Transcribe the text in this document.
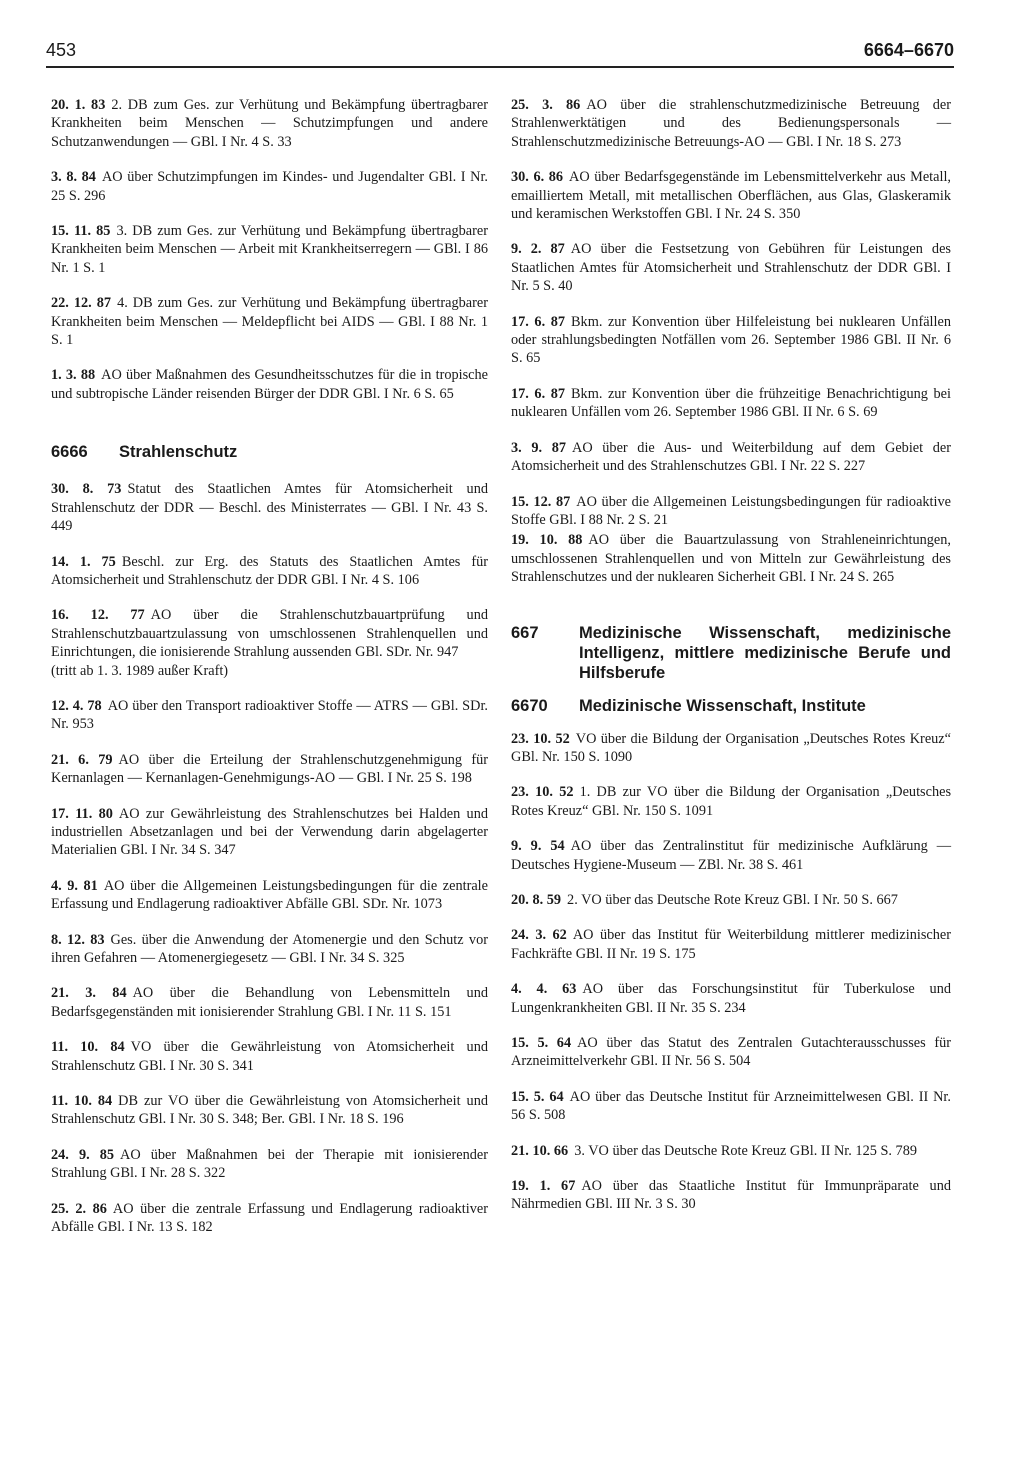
453	6664–6670
20. 1. 83 2. DB zum Ges. zur Verhütung und Bekämpfung übertragbarer Krankheiten beim Menschen — Schutzimpfungen und andere Schutzanwendungen — GBl. I Nr. 4 S. 33
3. 8. 84 AO über Schutzimpfungen im Kindes- und Jugendalter GBl. I Nr. 25 S. 296
15. 11. 85 3. DB zum Ges. zur Verhütung und Bekämpfung übertragbarer Krankheiten beim Menschen — Arbeit mit Krankheitserregern — GBl. I 86 Nr. 1 S. 1
22. 12. 87 4. DB zum Ges. zur Verhütung und Bekämpfung übertragbarer Krankheiten beim Menschen — Meldepflicht bei AIDS — GBl. I 88 Nr. 1 S. 1
1. 3. 88 AO über Maßnahmen des Gesundheitsschutzes für die in tropische und subtropische Länder reisenden Bürger der DDR GBl. I Nr. 6 S. 65
6666	Strahlenschutz
30. 8. 73 Statut des Staatlichen Amtes für Atomsicherheit und Strahlenschutz der DDR — Beschl. des Ministerrates — GBl. I Nr. 43 S. 449
14. 1. 75 Beschl. zur Erg. des Statuts des Staatlichen Amtes für Atomsicherheit und Strahlenschutz der DDR GBl. I Nr. 4 S. 106
16. 12. 77 AO über die Strahlenschutzbauartprüfung und Strahlenschutzbauartzulassung von umschlossenen Strahlenquellen und Einrichtungen, die ionisierende Strahlung aussenden GBl. SDr. Nr. 947
(tritt ab 1. 3. 1989 außer Kraft)
12. 4. 78 AO über den Transport radioaktiver Stoffe — ATRS — GBl. SDr. Nr. 953
21. 6. 79 AO über die Erteilung der Strahlenschutzgenehmigung für Kernanlagen — Kernanlagen-Genehmigungs-AO — GBl. I Nr. 25 S. 198
17. 11. 80 AO zur Gewährleistung des Strahlenschutzes bei Halden und industriellen Absetzanlagen und bei der Verwendung darin abgelagerter Materialien GBl. I Nr. 34 S. 347
4. 9. 81 AO über die Allgemeinen Leistungsbedingungen für die zentrale Erfassung und Endlagerung radioaktiver Abfälle GBl. SDr. Nr. 1073
8. 12. 83 Ges. über die Anwendung der Atomenergie und den Schutz vor ihren Gefahren — Atomenergiegesetz — GBl. I Nr. 34 S. 325
21. 3. 84 AO über die Behandlung von Lebensmitteln und Bedarfsgegenständen mit ionisierender Strahlung GBl. I Nr. 11 S. 151
11. 10. 84 VO über die Gewährleistung von Atomsicherheit und Strahlenschutz GBl. I Nr. 30 S. 341
11. 10. 84 DB zur VO über die Gewährleistung von Atomsicherheit und Strahlenschutz GBl. I Nr. 30 S. 348; Ber. GBl. I Nr. 18 S. 196
24. 9. 85 AO über Maßnahmen bei der Therapie mit ionisierender Strahlung GBl. I Nr. 28 S. 322
25. 2. 86 AO über die zentrale Erfassung und Endlagerung radioaktiver Abfälle GBl. I Nr. 13 S. 182
25. 3. 86 AO über die strahlenschutzmedizinische Betreuung der Strahlenwerktätigen und des Bedienungspersonals — Strahlenschutzmedizinische Betreuungs-AO — GBl. I Nr. 18 S. 273
30. 6. 86 AO über Bedarfsgegenstände im Lebensmittelverkehr aus Metall, emailliertem Metall, mit metallischen Oberflächen, aus Glas, Glaskeramik und keramischen Werkstoffen GBl. I Nr. 24 S. 350
9. 2. 87 AO über die Festsetzung von Gebühren für Leistungen des Staatlichen Amtes für Atomsicherheit und Strahlenschutz der DDR GBl. I Nr. 5 S. 40
17. 6. 87 Bkm. zur Konvention über Hilfeleistung bei nuklearen Unfällen oder strahlungsbedingten Notfällen vom 26. September 1986 GBl. II Nr. 6 S. 65
17. 6. 87 Bkm. zur Konvention über die frühzeitige Benachrichtigung bei nuklearen Unfällen vom 26. September 1986 GBl. II Nr. 6 S. 69
3. 9. 87 AO über die Aus- und Weiterbildung auf dem Gebiet der Atomsicherheit und des Strahlenschutzes GBl. I Nr. 22 S. 227
15. 12. 87 AO über die Allgemeinen Leistungsbedingungen für radioaktive Stoffe GBl. I 88 Nr. 2 S. 21
19. 10. 88 AO über die Bauartzulassung von Strahleneinrichtungen, umschlossenen Strahlenquellen und von Mitteln zur Gewährleistung des Strahlenschutzes und der nuklearen Sicherheit GBl. I Nr. 24 S. 265
667	Medizinische Wissenschaft, medizinische Intelligenz, mittlere medizinische Berufe und Hilfsberufe
6670	Medizinische Wissenschaft, Institute
23. 10. 52 VO über die Bildung der Organisation „Deutsches Rotes Kreuz“ GBl. Nr. 150 S. 1090
23. 10. 52 1. DB zur VO über die Bildung der Organisation „Deutsches Rotes Kreuz“ GBl. Nr. 150 S. 1091
9. 9. 54 AO über das Zentralinstitut für medizinische Aufklärung — Deutsches Hygiene-Museum — ZBl. Nr. 38 S. 461
20. 8. 59 2. VO über das Deutsche Rote Kreuz GBl. I Nr. 50 S. 667
24. 3. 62 AO über das Institut für Weiterbildung mittlerer medizinischer Fachkräfte GBl. II Nr. 19 S. 175
4. 4. 63 AO über das Forschungsinstitut für Tuberkulose und Lungenkrankheiten GBl. II Nr. 35 S. 234
15. 5. 64 AO über das Statut des Zentralen Gutachterausschusses für Arzneimittelverkehr GBl. II Nr. 56 S. 504
15. 5. 64 AO über das Deutsche Institut für Arzneimittelwesen GBl. II Nr. 56 S. 508
21. 10. 66 3. VO über das Deutsche Rote Kreuz GBl. II Nr. 125 S. 789
19. 1. 67 AO über das Staatliche Institut für Immunpräparate und Nährmedien GBl. III Nr. 3 S. 30
